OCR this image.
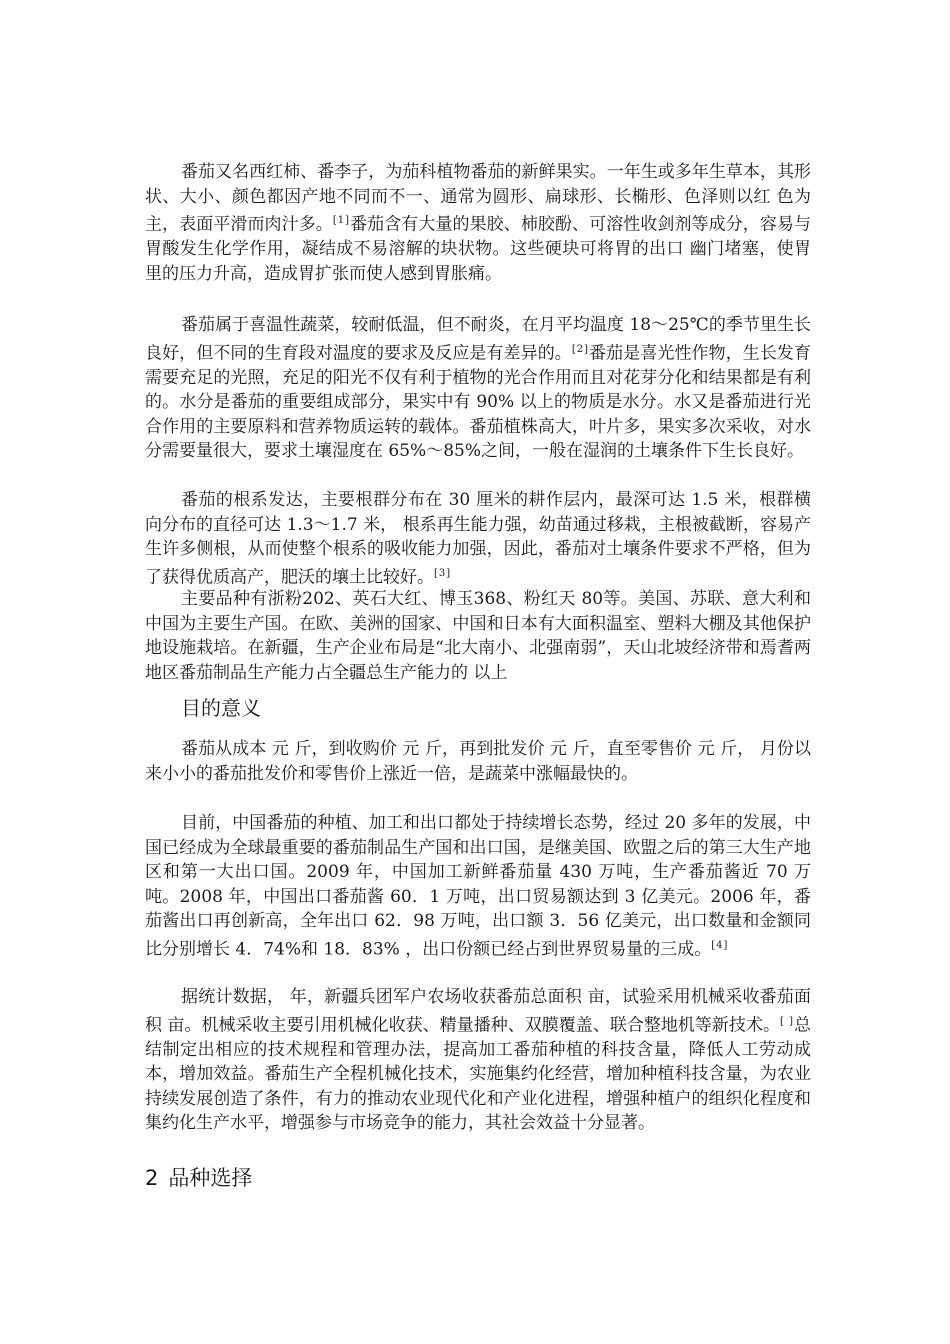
番茄又名西红柿、番李子，为茄科植物番茄的新鲜果实。一年生或多年生草本，其形状、大小、颜色都因产地不同而不一、通常为圆形、扁球形、长椭形、色泽则以红 色为主，表面平滑而肉汁多。[1]番茄含有大量的果胶、柿胶酚、可溶性收剑剂等成分，容易与胃酸发生化学作用，凝结成不易溶解的块状物。这些硬块可将胃的出口 幽门堵塞，使胃里的压力升高，造成胃扩张而使人感到胃胀痛。

番茄属于喜温性蔬菜，较耐低温，但不耐炎，在月平均温度 18～25℃的季节里生长良好，但不同的生育段对温度的要求及反应是有差异的。[2]番茄是喜光性作物，生长发育需要充足的光照，充足的阳光不仅有利于植物的光合作用而且对花芽分化和结果都是有利的。水分是番茄的重要组成部分，果实中有 90% 以上的物质是水分。水又是番茄进行光合作用的主要原料和营养物质运转的载体。番茄植株高大，叶片多，果实多次采收，对水分需要量很大，要求土壤湿度在 65%～85%之间，一般在湿润的土壤条件下生长良好。

番茄的根系发达，主要根群分布在 30 厘米的耕作层内，最深可达 1.5 米，根群横向分布的直径可达 1.3～1.7 米， 根系再生能力强，幼苗通过移栽，主根被截断，容易产生许多侧根，从而使整个根系的吸收能力加强，因此，番茄对土壤条件要求不严格，但为了获得优质高产，肥沃的壤土比较好。[3]

主要品种有浙粉202、英石大红、博玉368、粉红天 80等。美国、苏联、意大利和中国为主要生产国。在欧、美洲的国家、中国和日本有大面积温室、塑料大棚及其他保护地设施栽培。在新疆，生产企业布局是“北大南小、北强南弱”，天山北坡经济带和焉耆两地区番茄制品生产能力占全疆总生产能力的 以上

目的意义

番茄从成本 元 斤，到收购价 元 斤，再到批发价 元 斤，直至零售价 元 斤， 月份以来小小的番茄批发价和零售价上涨近一倍，是蔬菜中涨幅最快的。

目前，中国番茄的种植、加工和出口都处于持续增长态势，经过 20 多年的发展，中国已经成为全球最重要的番茄制品生产国和出口国，是继美国、欧盟之后的第三大生产地区和第一大出口国。2009 年，中国加工新鲜番茄量 430 万吨，生产番茄酱近 70 万吨。2008 年，中国出口番茄酱 60．1 万吨，出口贸易额达到 3 亿美元。2006 年，番茄酱出口再创新高，全年出口 62．98 万吨，出口额 3．56 亿美元，出口数量和金额同比分别增长 4．74%和 18．83% ，出口份额已经占到世界贸易量的三成。[4]

据统计数据， 年，新疆兵团军户农场收获番茄总面积 亩，试验采用机械采收番茄面积 亩。机械采收主要引用机械化收获、精量播种、双膜覆盖、联合整地机等新技术。[ ]总结制定出相应的技术规程和管理办法，提高加工番茄种植的科技含量，降低人工劳动成本，增加效益。番茄生产全程机械化技术，实施集约化经营，增加种植科技含量，为农业持续发展创造了条件，有力的推动农业现代化和产业化进程，增强种植户的组织化程度和集约化生产水平，增强参与市场竞争的能力，其社会效益十分显著。

2 品种选择
